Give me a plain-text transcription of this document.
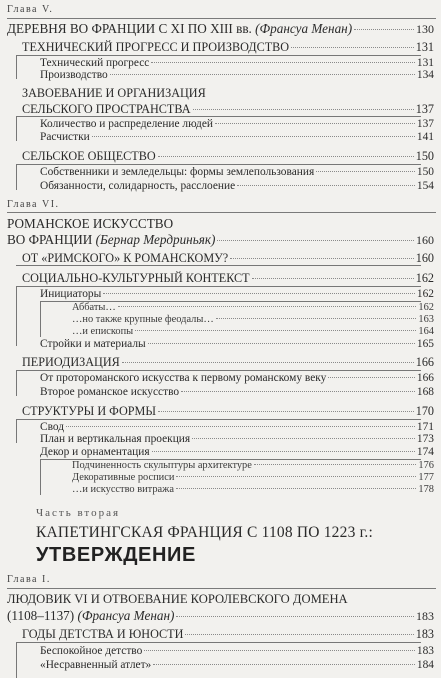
Глава V.
ДЕРЕВНЯ ВО ФРАНЦИИ С XI ПО XIII вв. (Франсуа Менан)	130
ТЕХНИЧЕСКИЙ ПРОГРЕСС И ПРОИЗВОДСТВО	131
Технический прогресс	131
Производство	134
ЗАВОЕВАНИЕ И ОРГАНИЗАЦИЯ
СЕЛЬСКОГО ПРОСТРАНСТВА	137
Количество и распределение людей	137
Расчистки	141
СЕЛЬСКОЕ ОБЩЕСТВО	150
Собственники и земледельцы: формы землепользования	150
Обязанности, солидарность, расслоение	154
Глава VI.
РОМАНСКОЕ ИСКУССТВО
ВО ФРАНЦИИ (Бернар Мердриньяк)	160
ОТ «РИМСКОГО» К РОМАНСКОМУ?	160
СОЦИАЛЬНО-КУЛЬТУРНЫЙ КОНТЕКСТ	162
Инициаторы	162
Аббаты…	162
…но также крупные феодалы…	163
…и епископы	164
Стройки и материалы	165
ПЕРИОДИЗАЦИЯ	166
От протороманского искусства к первому романскому веку	166
Второе романское искусство	168
СТРУКТУРЫ И ФОРМЫ	170
Свод	171
План и вертикальная проекция	173
Декор и орнаментация	174
Подчиненность скульптуры архитектуре	176
Декоративные росписи	177
…и искусство витража	178
Часть вторая
КАПЕТИНГСКАЯ ФРАНЦИЯ С 1108 ПО 1223 г.:
УТВЕРЖДЕНИЕ
Глава I.
ЛЮДОВИК VI И ОТВОЕВАНИЕ КОРОЛЕВСКОГО ДОМЕНА
(1108–1137) (Франсуа Менан)	183
ГОДЫ ДЕТСТВА И ЮНОСТИ	183
Беспокойное детство	183
«Несравненный атлет»	184
